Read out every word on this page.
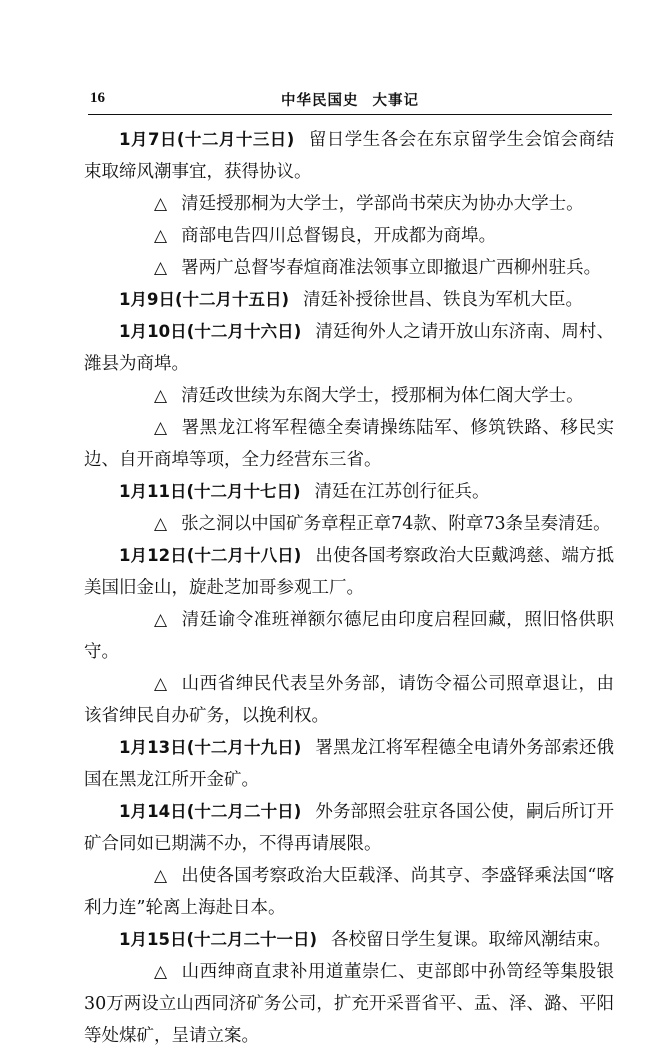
16	中华民国史 大事记

1月7日(十二月十三日) 留日学生各会在东京留学生会馆会商结束取缔风潮事宜，获得协议。

△ 清廷授那桐为大学士，学部尚书荣庆为协办大学士。

△ 商部电告四川总督锡良，开成都为商埠。

△ 署两广总督岑春煊商准法领事立即撤退广西柳州驻兵。

1月9日(十二月十五日) 清廷补授徐世昌、铁良为军机大臣。

1月10日(十二月十六日) 清廷徇外人之请开放山东济南、周村、潍县为商埠。

△ 清廷改世续为东阁大学士，授那桐为体仁阁大学士。

△ 署黑龙江将军程德全奏请操练陆军、修筑铁路、移民实边、自开商埠等项，全力经营东三省。

1月11日(十二月十七日) 清廷在江苏创行征兵。

△ 张之洞以中国矿务章程正章74款、附章73条呈奏清廷。

1月12日(十二月十八日) 出使各国考察政治大臣戴鸿慈、端方抵美国旧金山，旋赴芝加哥参观工厂。

△ 清廷谕令准班禅额尔德尼由印度启程回藏，照旧恪供职守。

△ 山西省绅民代表呈外务部，请饬令福公司照章退让，由该省绅民自办矿务，以挽利权。

1月13日(十二月十九日) 署黑龙江将军程德全电请外务部索还俄国在黑龙江所开金矿。

1月14日(十二月二十日) 外务部照会驻京各国公使，嗣后所订开矿合同如已期满不办，不得再请展限。

△ 出使各国考察政治大臣载泽、尚其亨、李盛铎乘法国“喀利力连”轮离上海赴日本。

1月15日(十二月二十一日) 各校留日学生复课。取缔风潮结束。

△ 山西绅商直隶补用道董崇仁、吏部郎中孙笥经等集股银30万两设立山西同济矿务公司，扩充开采晋省平、盂、泽、潞、平阳等处煤矿，呈请立案。
